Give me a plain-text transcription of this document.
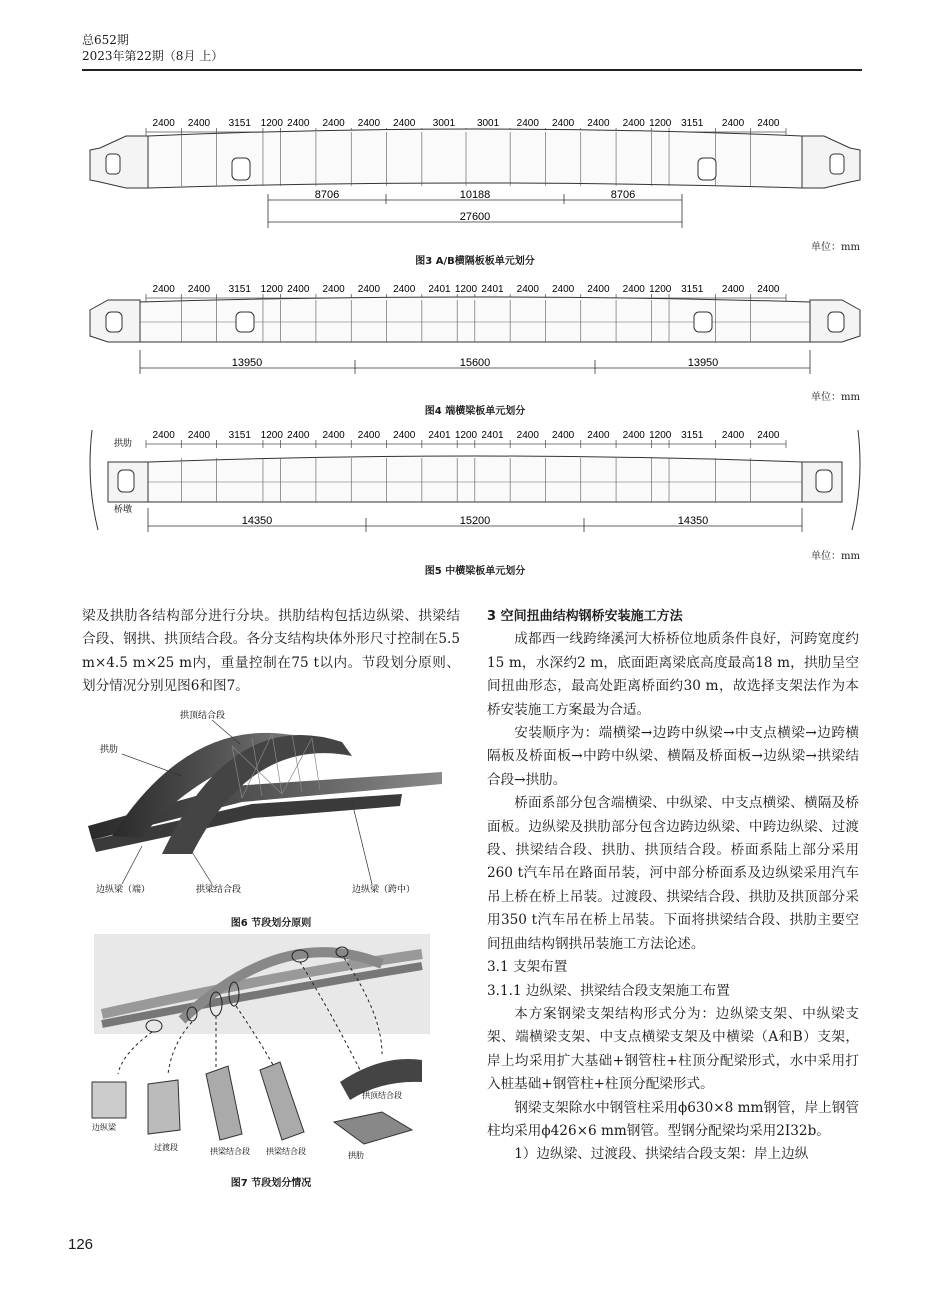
总652期
2023年第22期（8月 上）
2400 2400 3151 1200 2400 2400 2400 2400 3001 3001 2400 2400 2400 2400 1200 3151 2400 2400
8706	10188	8706
27600
单位：mm
图3 A/B横隔板板单元划分
2400 2400 3151 1200 2400 2400 2400 2400 2401 1200 2401 2400 2400 2400 2400 1200 3151 2400 2400
13950	15600	13950
单位：mm
图4 端横梁板单元划分
2400 2400 3151 1200 2400 2400 2400 2400 2401 1200 2401 2400 2400 2400 2400 1200 3151 2400 2400
拱肋
桥墩
14350	15200	14350
单位：mm
图5 中横梁板单元划分
梁及拱肋各结构部分进行分块。拱肋结构包括边纵梁、拱梁结合段、钢拱、拱顶结合段。各分支结构块体外形尺寸控制在5.5 m×4.5 m×25 m内，重量控制在75 t以内。节段划分原则、划分情况分别见图6和图7。
拱顶结合段
拱肋
边纵梁（端）	拱梁结合段	边纵梁（跨中）
图6 节段划分原则
边纵梁
过渡段	拱梁结合段 拱梁结合段
拱顶结合段
拱肋
图7 节段划分情况

3 空间扭曲结构钢桥安装施工方法

成都西一线跨绛溪河大桥桥位地质条件良好，河跨宽度约15 m，水深约2 m，底面距离梁底高度最高18 m，拱肋呈空间扭曲形态，最高处距离桥面约30 m，故选择支架法作为本桥安装施工方案最为合适。

安装顺序为：端横梁→边跨中纵梁→中支点横梁→边跨横隔板及桥面板→中跨中纵梁、横隔及桥面板→边纵梁→拱梁结合段→拱肋。

桥面系部分包含端横梁、中纵梁、中支点横梁、横隔及桥面板。边纵梁及拱肋部分包含边跨边纵梁、中跨边纵梁、过渡段、拱梁结合段、拱肋、拱顶结合段。桥面系陆上部分采用260 t汽车吊在路面吊装，河中部分桥面系及边纵梁采用汽车吊上桥在桥上吊装。过渡段、拱梁结合段、拱肋及拱顶部分采用350 t汽车吊在桥上吊装。下面将拱梁结合段、拱肋主要空间扭曲结构钢拱吊装施工方法论述。

3.1 支架布置

3.1.1 边纵梁、拱梁结合段支架施工布置

本方案钢梁支架结构形式分为：边纵梁支架、中纵梁支架、端横梁支架、中支点横梁支架及中横梁（A和B）支架，岸上均采用扩大基础+钢管柱+柱顶分配梁形式，水中采用打入桩基础+钢管柱+柱顶分配梁形式。

钢梁支架除水中钢管柱采用ϕ630×8 mm钢管，岸上钢管柱均采用ϕ426×6 mm钢管。型钢分配梁均采用2I32b。

1）边纵梁、过渡段、拱梁结合段支架：岸上边纵

126
